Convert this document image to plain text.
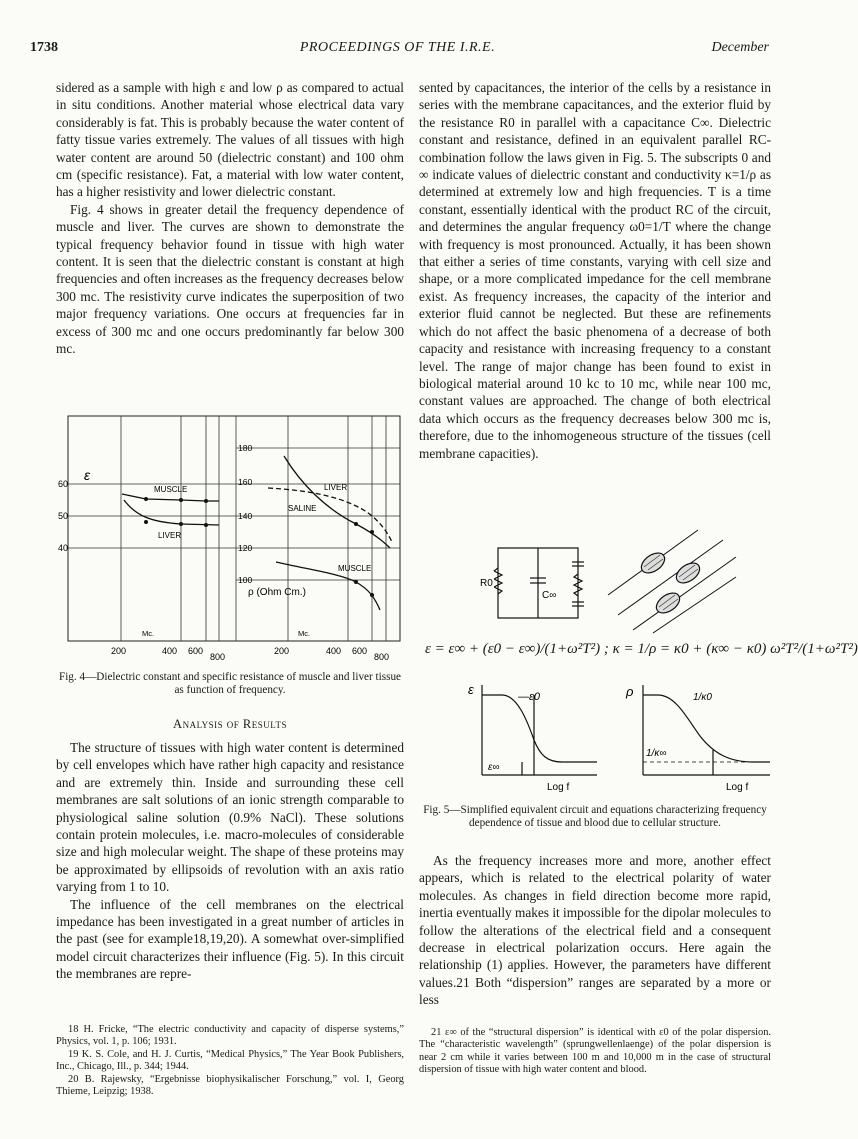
1738	PROCEEDINGS OF THE I.R.E.	December

sidered as a sample with high ε and low ρ as compared to actual in situ conditions. Another material whose electrical data vary considerably is fat. This is probably because the water content of fatty tissue varies extremely. The values of all tissues with high water content are around 50 (dielectric constant) and 100 ohm cm (specific resistance). Fat, a material with low water content, has a higher resistivity and lower dielectric constant.

Fig. 4 shows in greater detail the frequency dependence of muscle and liver. The curves are shown to demonstrate the typical frequency behavior found in tissue with high water content. It is seen that the dielectric constant is constant at high frequencies and often increases as the frequency decreases below 300 mc. The resistivity curve indicates the superposition of two major frequency variations. One occurs at frequencies far in excess of 300 mc and one occurs predominantly far below 300 mc.

60
50
40
180
160
140
120
100
ε
MUSCLE
LIVER
LIVER
SALINE
MUSCLE
ρ (Ohm Cm.)
Mc.	Mc.
200	400 600
800
200	400 600
800
Fig. 4—Dielectric constant and specific resistance of muscle and liver tissue as function of frequency.
Analysis of Results

The structure of tissues with high water content is determined by cell envelopes which have rather high capacity and resistance and are extremely thin. Inside and surrounding these cell membranes are salt solutions of an ionic strength comparable to physiological saline solution (0.9% NaCl). These solutions contain protein molecules, i.e. macro-molecules of considerable size and high molecular weight. The shape of these proteins may be approximated by ellipsoids of revolution with an axis ratio varying from 1 to 10.

The influence of the cell membranes on the electrical impedance has been investigated in a great number of articles in the past (see for example18,19,20). A somewhat over-simplified model circuit characterizes their influence (Fig. 5). In this circuit the membranes are repre-

18 H. Fricke, “The electric conductivity and capacity of disperse systems,” Physics, vol. 1, p. 106; 1931.

19 K. S. Cole, and H. J. Curtis, “Medical Physics,” The Year Book Publishers, Inc., Chicago, Ill., p. 344; 1944.

20 B. Rajewsky, “Ergebnisse biophysikalischer Forschung,” vol. I, Georg Thieme, Leipzig; 1938.

sented by capacitances, the interior of the cells by a resistance in series with the membrane capacitances, and the exterior fluid by the resistance R0 in parallel with a capacitance C∞. Dielectric constant and resistance, defined in an equivalent parallel RC-combination follow the laws given in Fig. 5. The subscripts 0 and ∞ indicate values of dielectric constant and conductivity κ=1/ρ as determined at extremely low and high frequencies. T is a time constant, essentially identical with the product RC of the circuit, and determines the angular frequency ω0=1/T where the change with frequency is most pronounced. Actually, it has been shown that either a series of time constants, varying with cell size and shape, or a more complicated impedance for the cell membrane exist. As frequency increases, the capacity of the interior and exterior fluid cannot be neglected. But these are refinements which do not affect the basic phenomena of a decrease of both capacity and resistance with increasing frequency to a constant level. The range of major change has been found to exist in biological material around 10 kc to 10 mc, while near 100 mc, constant values are approached. The change of both electrical data which occurs as the frequency decreases below 300 mc is, therefore, due to the inhomogeneous structure of the tissues (cell membrane capacities).

R0
C∞
ε = ε∞ + (ε0 − ε∞)/(1+ω²T²) ; κ = 1/ρ = κ0 + (κ∞ − κ0) ω²T²/(1+ω²T²)
ε	—ε0
ε∞
Log f
ρ	1/κ0
1/κ∞
Log f
Fig. 5—Simplified equivalent circuit and equations characterizing frequency dependence of tissue and blood due to cellular structure.

As the frequency increases more and more, another effect appears, which is related to the electrical polarity of water molecules. As changes in field direction become more rapid, inertia eventually makes it impossible for the dipolar molecules to follow the alterations of the electrical field and a consequent decrease in electrical polarization occurs. Here again the relationship (1) applies. However, the parameters have different values.21 Both “dispersion” ranges are separated by a more or less

21 ε∞ of the “structural dispersion” is identical with ε0 of the polar dispersion. The “characteristic wavelength” (sprungwellenlaenge) of the polar dispersion is near 2 cm while it varies between 100 m and 10,000 m in the case of structural dispersion of tissue with high water content and blood.
